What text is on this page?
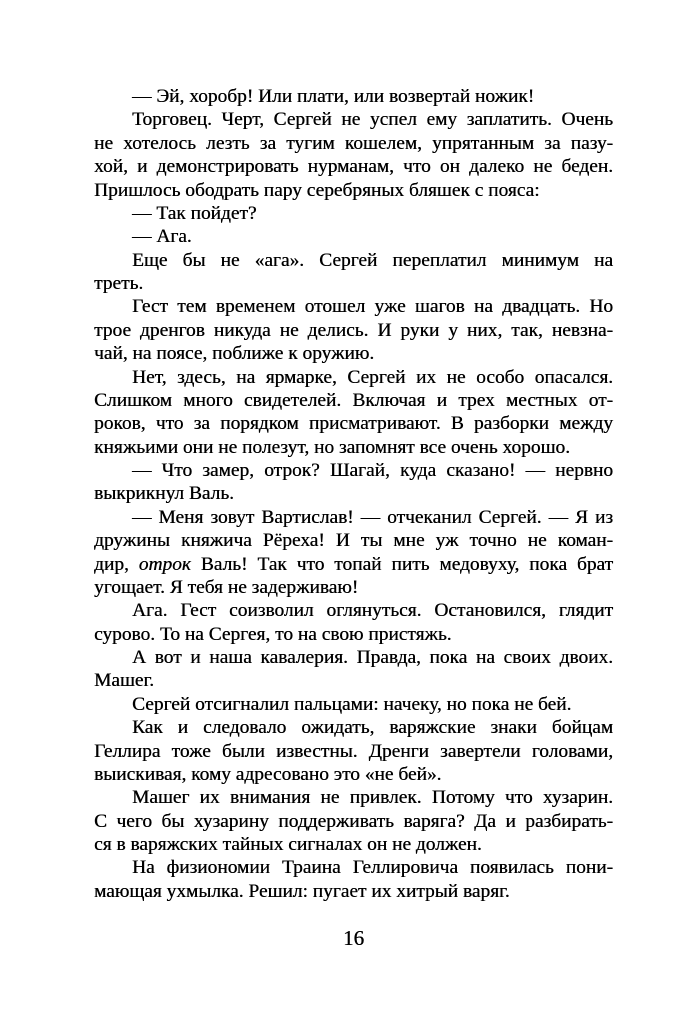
— Эй, хоробр! Или плати, или возвертай ножик!
Торговец. Черт, Сергей не успел ему заплатить. Очень
не хотелось лезть за тугим кошелем, упрятанным за пазу-
хой, и демонстрировать нурманам, что он далеко не беден.
Пришлось ободрать пару серебряных бляшек с пояса:
— Так пойдет?
— Ага.
Еще бы не «ага». Сергей переплатил минимум на
треть.
Гест тем временем отошел уже шагов на двадцать. Но
трое дренгов никуда не делись. И руки у них, так, невзна-
чай, на поясе, поближе к оружию.
Нет, здесь, на ярмарке, Сергей их не особо опасался.
Слишком много свидетелей. Включая и трех местных от-
роков, что за порядком присматривают. В разборки между
княжьими они не полезут, но запомнят все очень хорошо.
— Что замер, отрок? Шагай, куда сказано! — нервно
выкрикнул Валь.
— Меня зовут Вартислав! — отчеканил Сергей. — Я из
дружины княжича Рёреха! И ты мне уж точно не коман-
дир, отрок Валь! Так что топай пить медовуху, пока брат
угощает. Я тебя не задерживаю!
Ага. Гест соизволил оглянуться. Остановился, глядит
сурово. То на Сергея, то на свою пристяжь.
А вот и наша кавалерия. Правда, пока на своих двоих.
Машег.
Сергей отсигналил пальцами: начеку, но пока не бей.
Как и следовало ожидать, варяжские знаки бойцам
Геллира тоже были известны. Дренги завертели головами,
выискивая, кому адресовано это «не бей».
Машег их внимания не привлек. Потому что хузарин.
С чего бы хузарину поддерживать варяга? Да и разбирать-
ся в варяжских тайных сигналах он не должен.
На физиономии Траина Геллировича появилась пони-
мающая ухмылка. Решил: пугает их хитрый варяг.
16
